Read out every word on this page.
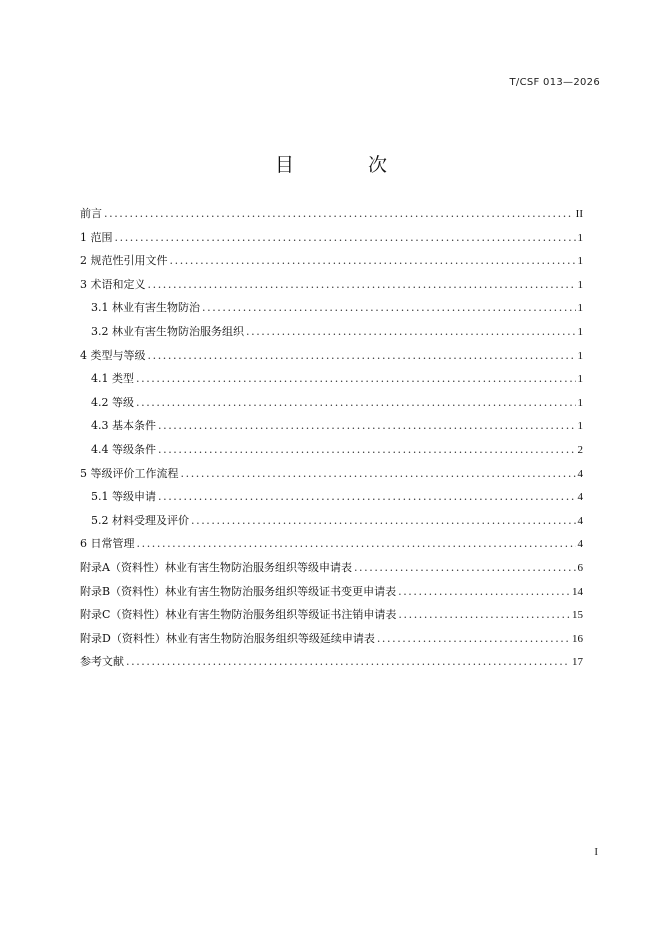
T/CSF 013—2026
目 次
前言 .....	II
1 范围 .....	1
2 规范性引用文件 .....	1
3 术语和定义 .....	1
3.1 林业有害生物防治 .....	1
3.2 林业有害生物防治服务组织 .....	1
4 类型与等级 .....	1
4.1 类型 .....	1
4.2 等级 .....	1
4.3 基本条件 .....	1
4.4 等级条件 .....	2
5 等级评价工作流程 .....	4
5.1 等级申请 .....	4
5.2 材料受理及评价 .....	4
6 日常管理 .....	4
附录A（资料性）林业有害生物防治服务组织等级申请表 .....	6
附录B（资料性）林业有害生物防治服务组织等级证书变更申请表 .....	14
附录C（资料性）林业有害生物防治服务组织等级证书注销申请表 .....	15
附录D（资料性）林业有害生物防治服务组织等级延续申请表 .....	16
参考文献 .....	17
I
